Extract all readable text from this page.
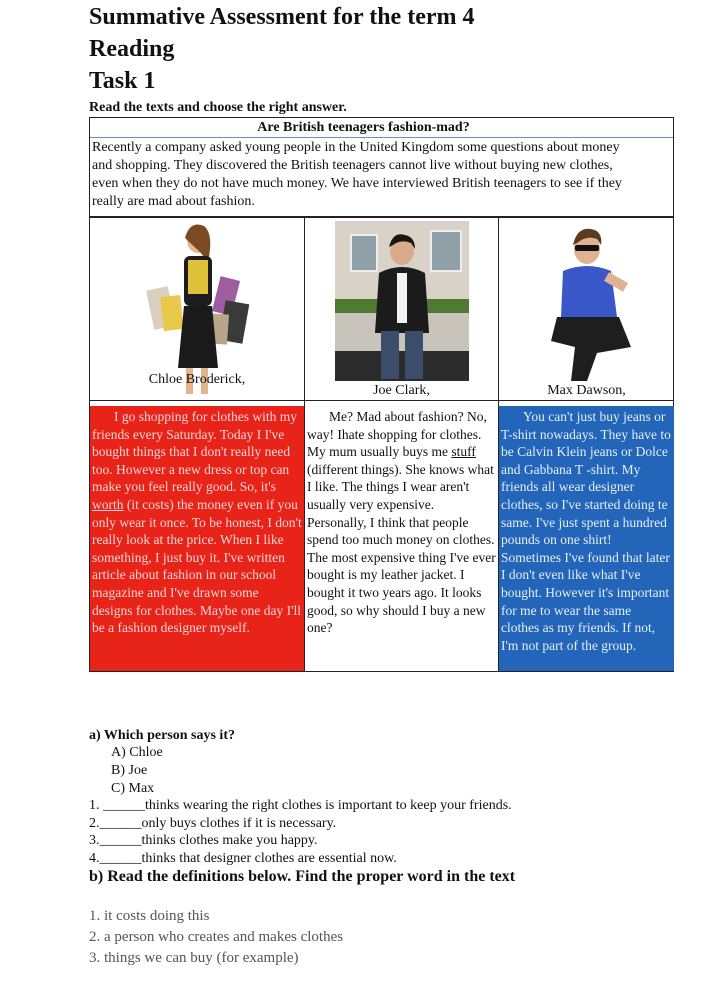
Summative Assessment for the term 4
Reading
Task 1
Read the texts and choose the right answer.
Are British teenagers fashion-mad?
Recently a company asked young people in the United Kingdom some questions about money
and shopping. They discovered the British teenagers cannot live without buying new clothes,
even when they do not have much money. We have interviewed British teenagers to see if they
really are mad about fashion.
Chloe Broderick,
I go shopping for clothes with my friends every Saturday. Today I I've bought things that I don't really need too. However a new dress or top can make you feel really good. So, it's worth (it costs) the money even if you only wear it once. To be honest, I don't really look at the price. When I like something, I just buy it. I've written article about fashion in our school magazine and I've drawn some designs for clothes. Maybe one day I'll be a fashion designer myself.
Joe Clark,
Me? Mad about fashion? No, way! Ihate shopping for clothes. My mum usually buys me stuff (different things). She knows what I like. The things I wear aren't usually very expensive. Personally, I think that people spend too much money on clothes. The most expensive thing I've ever bought is my leather jacket. I bought it two years ago. It looks good, so why should I buy a new one?
Max Dawson,
You can't just buy jeans or T-shirt nowadays. They have to be Calvin Klein jeans or Dolce and Gabbana T -shirt. My friends all wear designer clothes, so I've started doing te same. I've just spent a hundred pounds on one shirt! Sometimes I've found that later I don't even like what I've bought. However it's important for me to wear the same clothes as my friends. If not, I'm not part of the group.
a) Which person says it?
A) Chloe
B) Joe
C) Max
1. ______thinks wearing the right clothes is important to keep your friends.
2.______only buys clothes if it is necessary.
3.______thinks clothes make you happy.
4.______thinks that designer clothes are essential now.
b) Read the definitions below. Find the proper word in the text
1. it costs doing this
2. a person who creates and makes clothes
3. things we can buy (for example)
